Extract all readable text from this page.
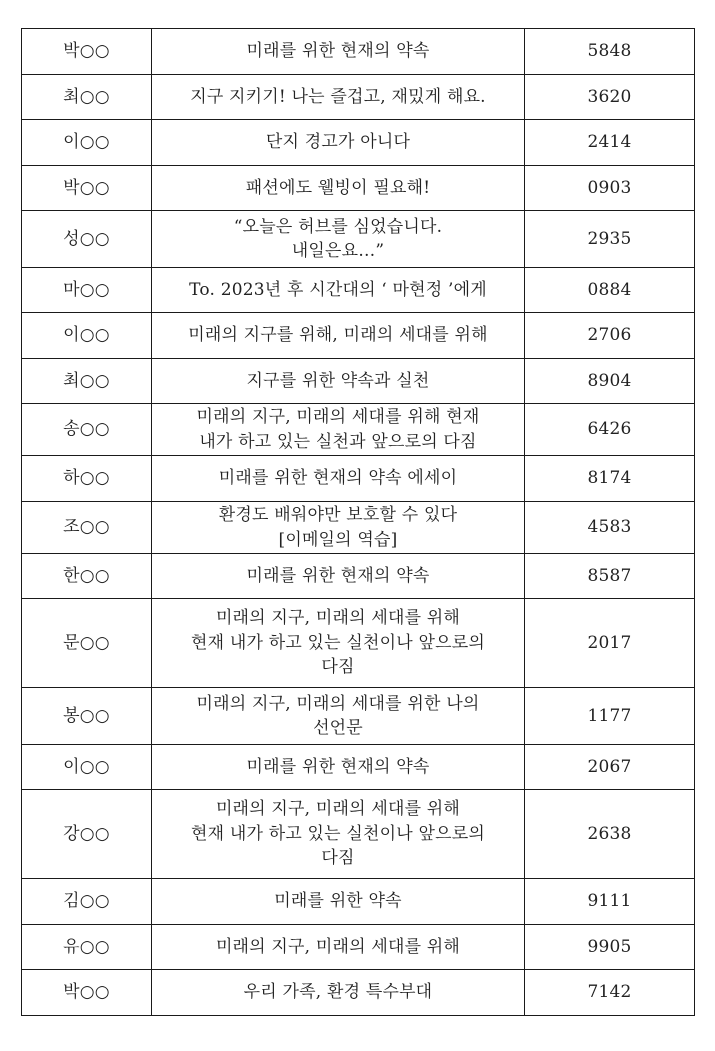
박○○	미래를 위한 현재의 약속	5848
최○○	지구 지키기! 나는 즐겁고, 재밌게 해요.	3620
이○○	단지 경고가 아니다	2414
박○○	패션에도 웰빙이 필요해!	0903
성○○	“오늘은 허브를 심었습니다.
내일은요…”	2935
마○○	To. 2023년 후 시간대의 ‘ 마현정 ’에게	0884
이○○	미래의 지구를 위해, 미래의 세대를 위해	2706
최○○	지구를 위한 약속과 실천	8904
송○○	미래의 지구, 미래의 세대를 위해 현재
내가 하고 있는 실천과 앞으로의 다짐	6426
하○○	미래를 위한 현재의 약속 에세이	8174
조○○	환경도 배워야만 보호할 수 있다
[이메일의 역습]	4583
한○○	미래를 위한 현재의 약속	8587
문○○	미래의 지구, 미래의 세대를 위해
현재 내가 하고 있는 실천이나 앞으로의
다짐	2017
봉○○	미래의 지구, 미래의 세대를 위한 나의
선언문	1177
이○○	미래를 위한 현재의 약속	2067
강○○	미래의 지구, 미래의 세대를 위해
현재 내가 하고 있는 실천이나 앞으로의
다짐	2638
김○○	미래를 위한 약속	9111
유○○	미래의 지구, 미래의 세대를 위해	9905
박○○	우리 가족, 환경 특수부대	7142
